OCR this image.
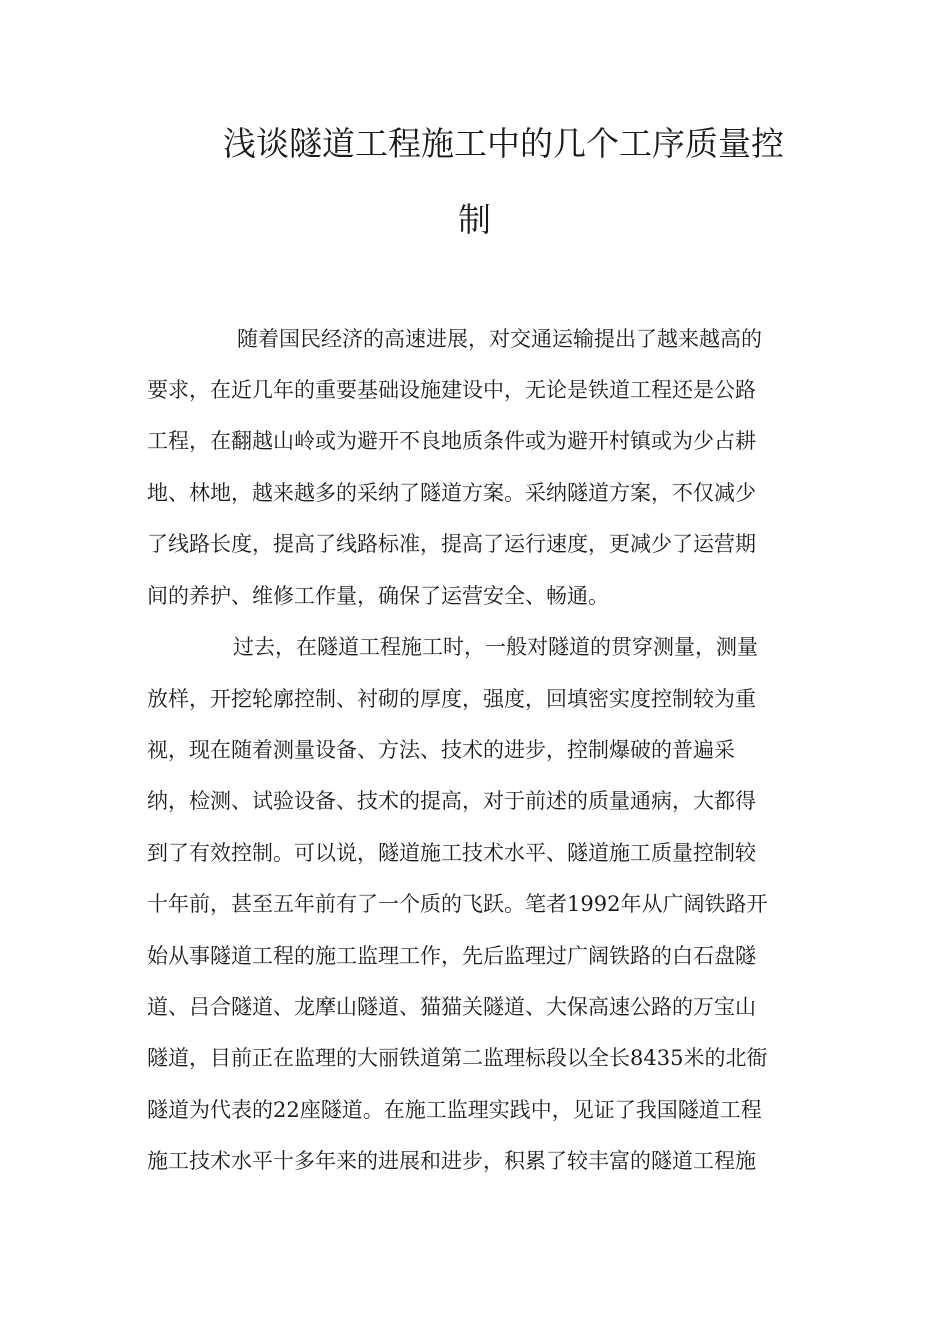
浅谈隧道工程施工中的几个工序质量控
制
随着国民经济的高速进展，对交通运输提出了越来越高的
要求，在近几年的重要基础设施建设中，无论是铁道工程还是公路
工程，在翻越山岭或为避开不良地质条件或为避开村镇或为少占耕
地、林地，越来越多的采纳了隧道方案。采纳隧道方案，不仅减少
了线路长度，提高了线路标准，提高了运行速度，更减少了运营期
间的养护、维修工作量，确保了运营安全、畅通。
过去，在隧道工程施工时，一般对隧道的贯穿测量，测量
放样，开挖轮廓控制、衬砌的厚度，强度，回填密实度控制较为重
视，现在随着测量设备、方法、技术的进步，控制爆破的普遍采
纳，检测、试验设备、技术的提高，对于前述的质量通病，大都得
到了有效控制。可以说，隧道施工技术水平、隧道施工质量控制较
十年前，甚至五年前有了一个质的飞跃。笔者1992年从广阔铁路开
始从事隧道工程的施工监理工作，先后监理过广阔铁路的白石盘隧
道、吕合隧道、龙摩山隧道、猫猫关隧道、大保高速公路的万宝山
隧道，目前正在监理的大丽铁道第二监理标段以全长8435米的北衙
隧道为代表的22座隧道。在施工监理实践中，见证了我国隧道工程
施工技术水平十多年来的进展和进步，积累了较丰富的隧道工程施
